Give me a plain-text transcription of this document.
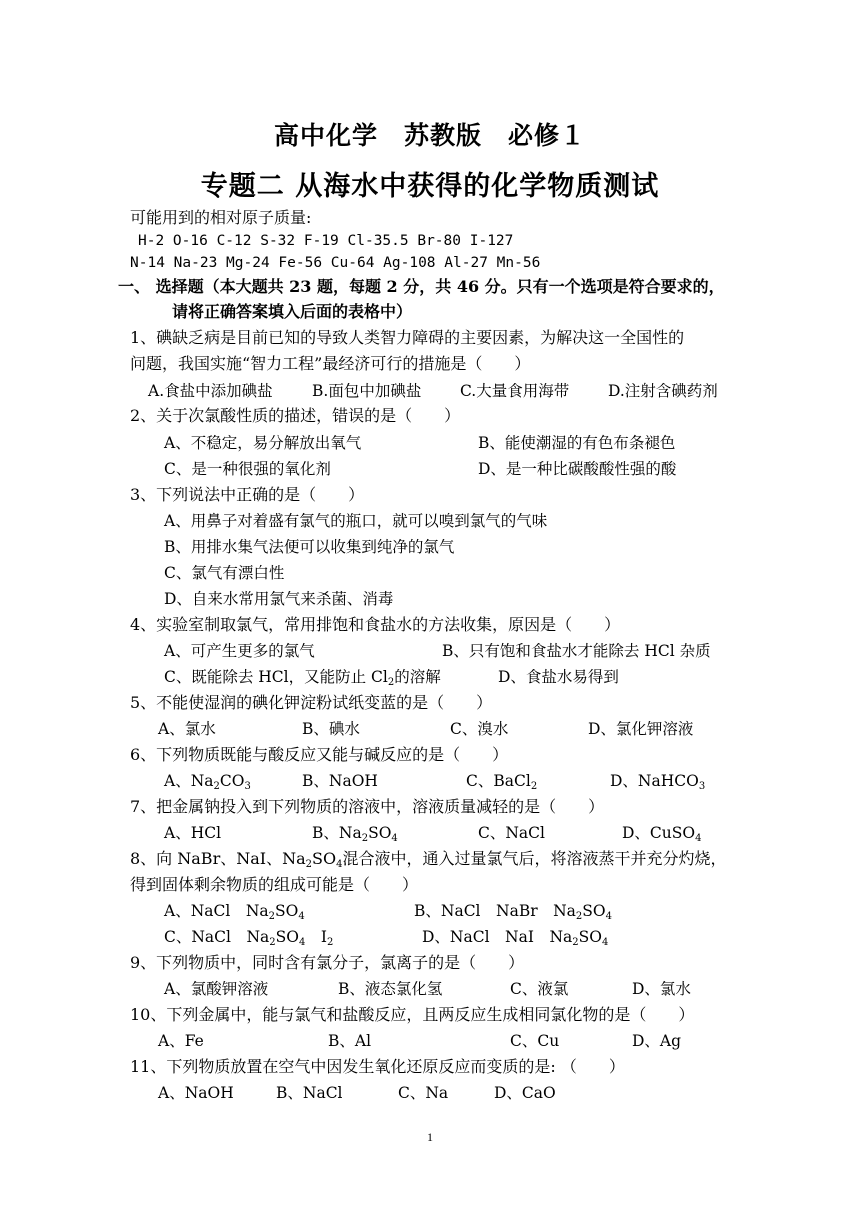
高中化学　苏教版　必修１
专题二 从海水中获得的化学物质测试
可能用到的相对原子质量:
H-2 O-16 C-12 S-32 F-19 Cl-35.5 Br-80 I-127
N-14 Na-23 Mg-24 Fe-56 Cu-64 Ag-108 Al-27 Mn-56
一、 选择题（本大题共 23 题，每题 2 分，共 46 分。只有一个选项是符合要求的，
请将正确答案填入后面的表格中）
1、碘缺乏病是目前已知的导致人类智力障碍的主要因素，为解决这一全国性的
问题，我国实施“智力工程”最经济可行的措施是（　　）
A.食盐中添加碘盐	B.面包中加碘盐 C.大量食用海带	D.注射含碘药剂
2、关于次氯酸性质的描述，错误的是（　　）
A、不稳定，易分解放出氧气	B、能使潮湿的有色布条褪色
C、是一种很强的氧化剂	D、是一种比碳酸酸性强的酸
3、下列说法中正确的是（　　）
A、用鼻子对着盛有氯气的瓶口，就可以嗅到氯气的气味
B、用排水集气法便可以收集到纯净的氯气
C、氯气有漂白性
D、自来水常用氯气来杀菌、消毒
4、实验室制取氯气，常用排饱和食盐水的方法收集，原因是（　　）
A、可产生更多的氯气	B、只有饱和食盐水才能除去 HCl 杂质
C、既能除去 HCl，又能防止 $Cl_2$的溶解	D、食盐水易得到
5、不能使湿润的碘化钾淀粉试纸变蓝的是（　　）
A、氯水	B、碘水	C、溴水	D、氯化钾溶液
6、下列物质既能与酸反应又能与碱反应的是（　　）
A、$Na_2CO_3$	B、NaOH	C、BaCl$_2$	D、NaHCO$_3$
7、把金属钠投入到下列物质的溶液中，溶液质量减轻的是（　　）
A、HCl	B、$Na_2SO_4$	C、NaCl	D、CuSO$_4$
8、向 NaBr、NaI、$Na_2SO_4$混合液中，通入过量氯气后，将溶液蒸干并充分灼烧，
得到固体剩余物质的组成可能是（　　）
A、NaCl　$Na_2SO_4$	B、NaCl　NaBr　$Na_2SO_4$
C、NaCl　$Na_2SO_4$　$I_2$	D、NaCl　NaI　$Na_2SO_4$
9、下列物质中，同时含有氯分子，氯离子的是（　　）
A、氯酸钾溶液	B、液态氯化氢	C、液氯	D、氯水
10、下列金属中，能与氯气和盐酸反应，且两反应生成相同氯化物的是（　　）
A、Fe	B、Al	C、Cu	D、Ag
11、下列物质放置在空气中因发生氧化还原反应而变质的是: （　　）
A、NaOH	B、NaCl	C、Na	D、CaO
1
